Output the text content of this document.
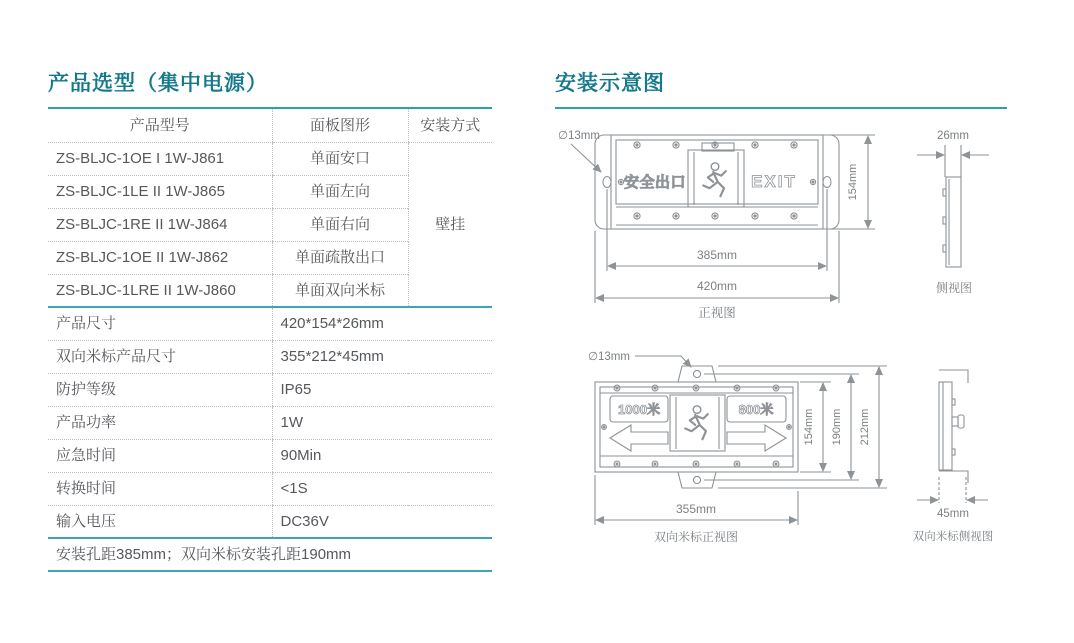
产品选型（集中电源）
产品型号	面板图形	安装方式
ZS-BLJC-1OE I 1W-J861	单面安口	壁挂
ZS-BLJC-1LE II 1W-J865	单面左向	
ZS-BLJC-1RE II 1W-J864	单面右向	
ZS-BLJC-1OE II 1W-J862	单面疏散出口	
ZS-BLJC-1LRE II 1W-J860	单面双向米标	
产品尺寸	420*154*26mm	
双向米标产品尺寸	355*212*45mm	
防护等级	IP65	
产品功率	1W	
应急时间	90Min	
转换时间	<1S	
输入电压	DC36V	
安装孔距385mm；双向米标安装孔距190mm		
安装示意图
∅13mm
安全出口	EXIT	154mm
385mm
420mm
正视图
26mm
侧视图
∅13mm
1000米	800米	154mm 190mm 212mm
355mm
双向米标正视图
45mm
双向米标侧视图
